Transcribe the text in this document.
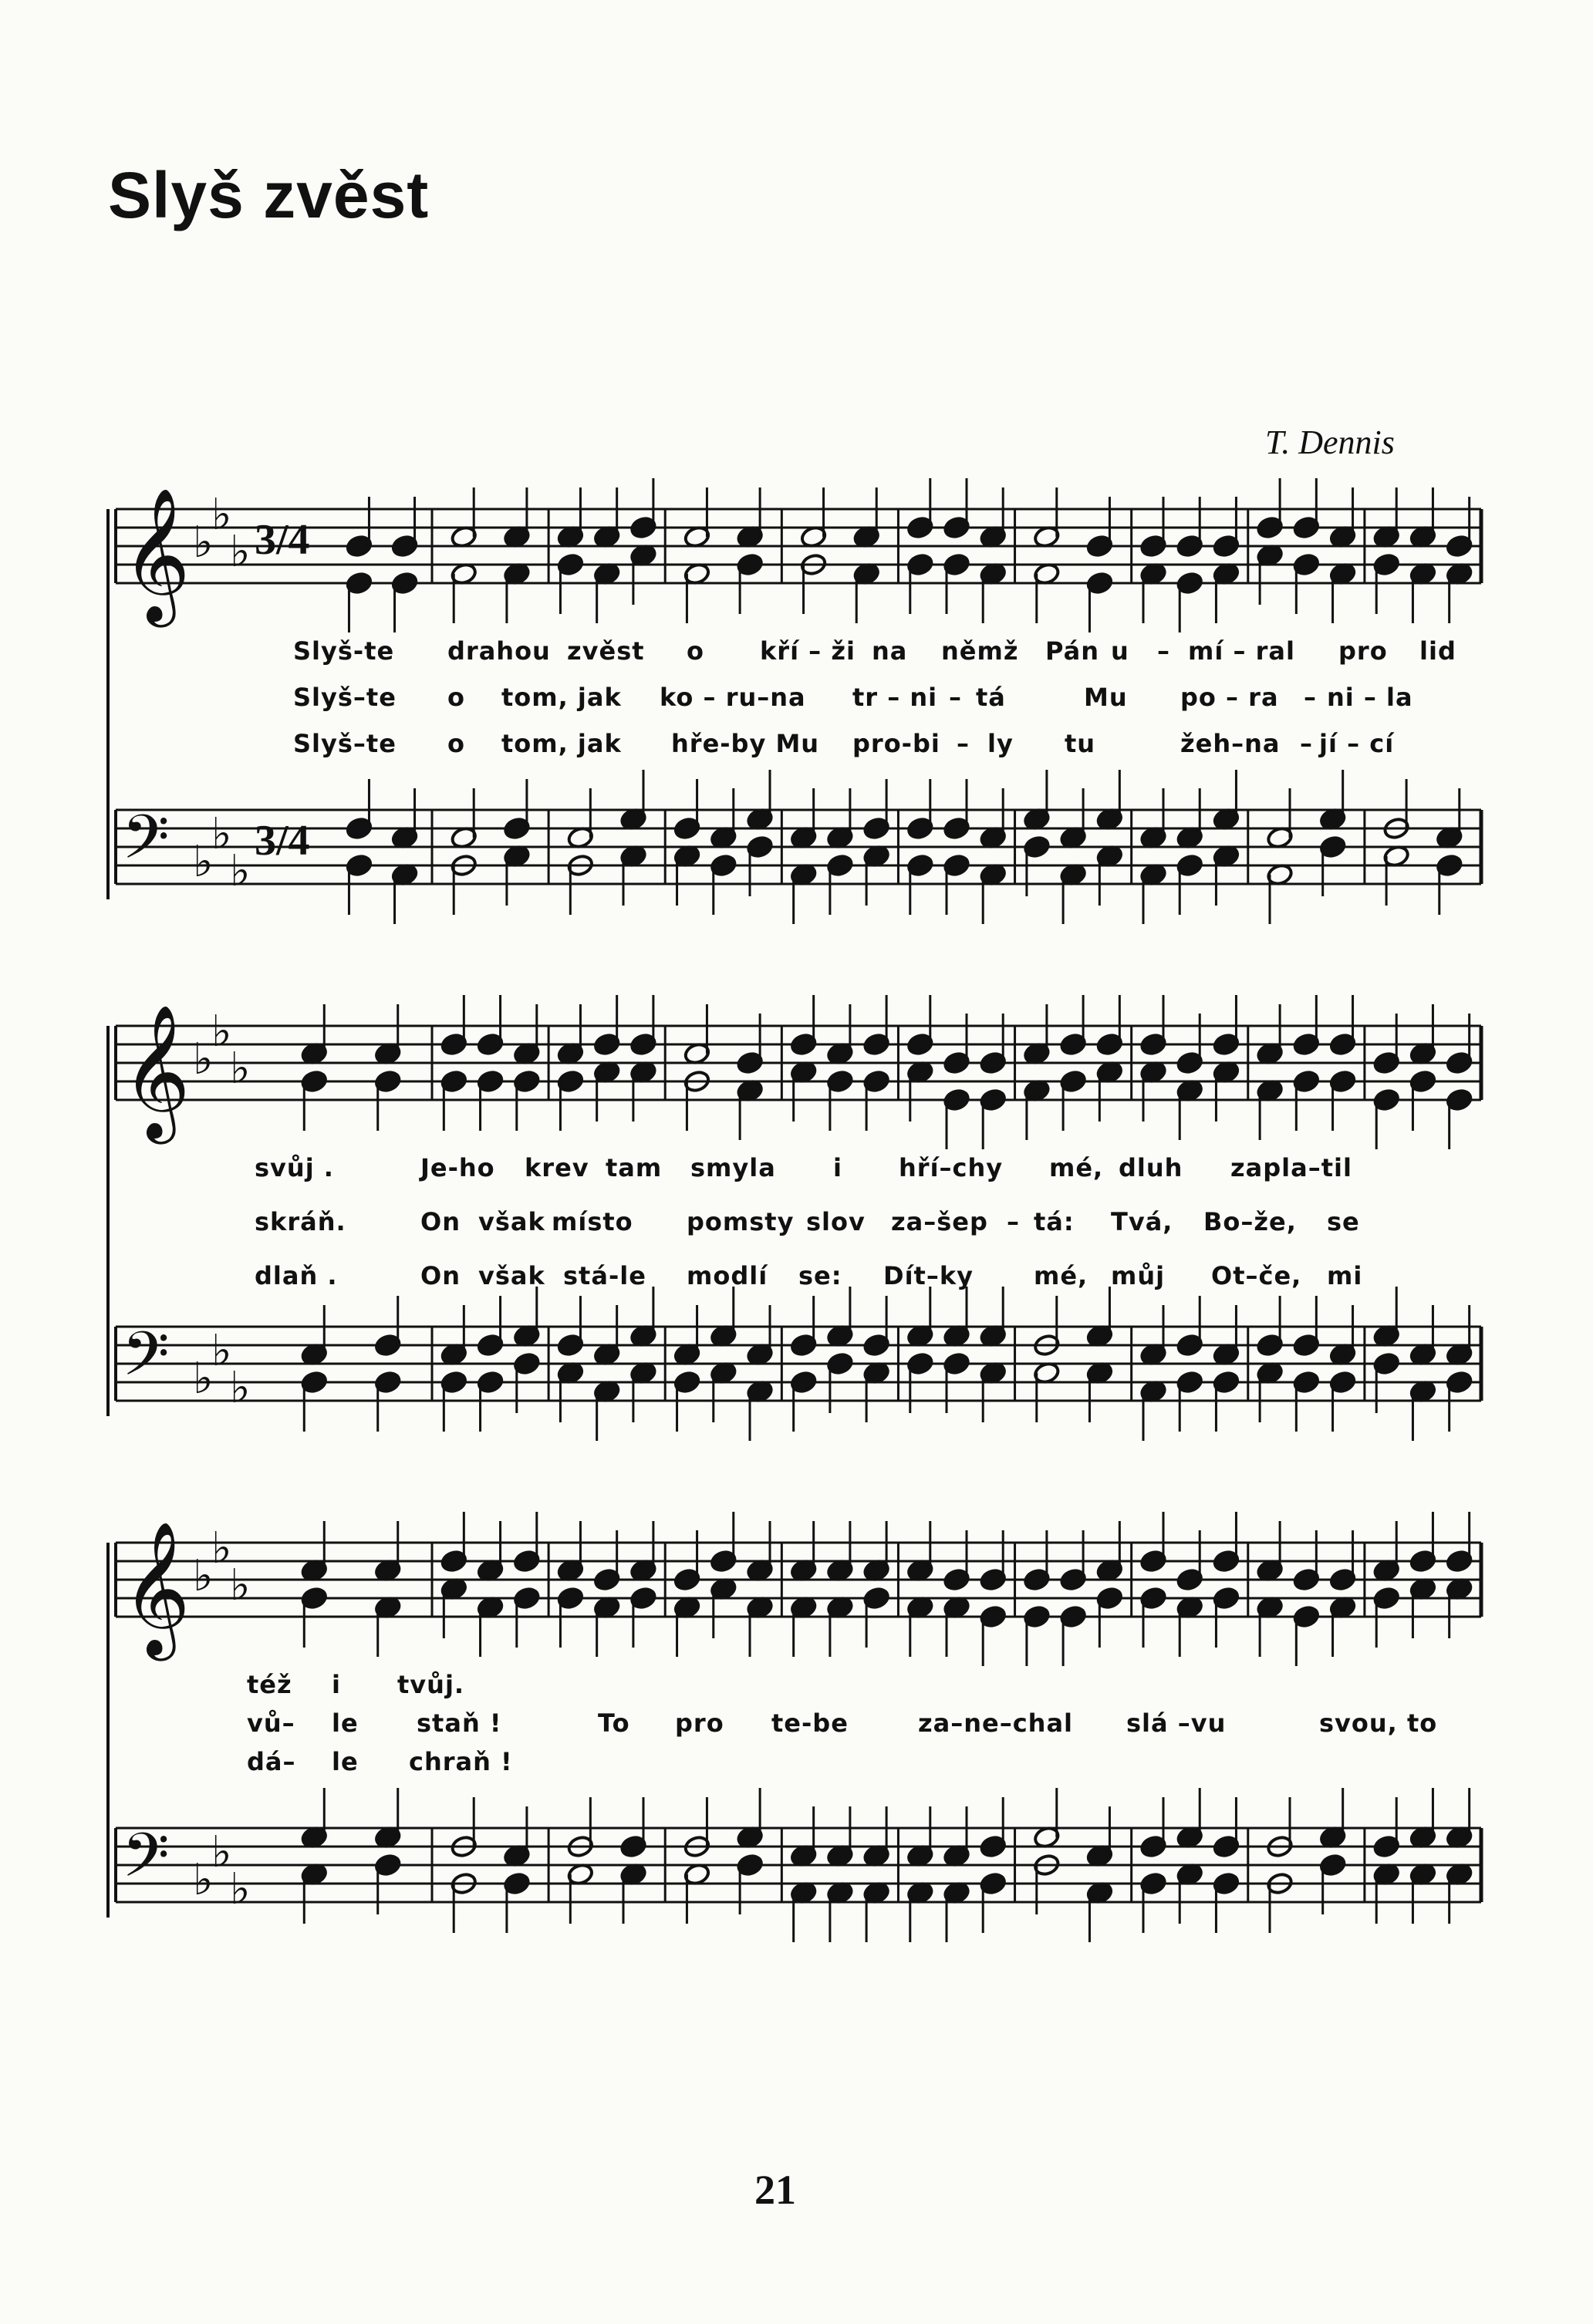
Slyš zvěst
T. Dennis
𝄞 ♭
♭
♭ 3/4
Slyš-te drahou zvěst o kří – ži na němž Pán u – mí – ral pro lid
Slyš–te o tom, jak ko – ru–na tr – ni – tá	Mu po – ra – ni – la
Slyš–te o tom, jak hře-by Mu pro-bi – ly tu	žeh–na – jí – cí
𝄢 ♭
♭
♭
3/4
𝄞 ♭
♭
♭
svůj .	Je-ho krev tam smyla i hří–chy mé, dluh zapla–til
skráň.	On však místo pomsty slov za–šep – tá: Tvá, Bo–že, se
dlaň .	On však stá-le modlí se: Dít–ky mé, můj Ot–če, mi
𝄢 ♭
♭
♭
𝄞 ♭
♭
♭
též i tvůj.
vů– le staň !	To pro te-be	za–ne–chal slá –vu	svou, to
dá– le chraň !
𝄢 ♭
♭
♭
21
